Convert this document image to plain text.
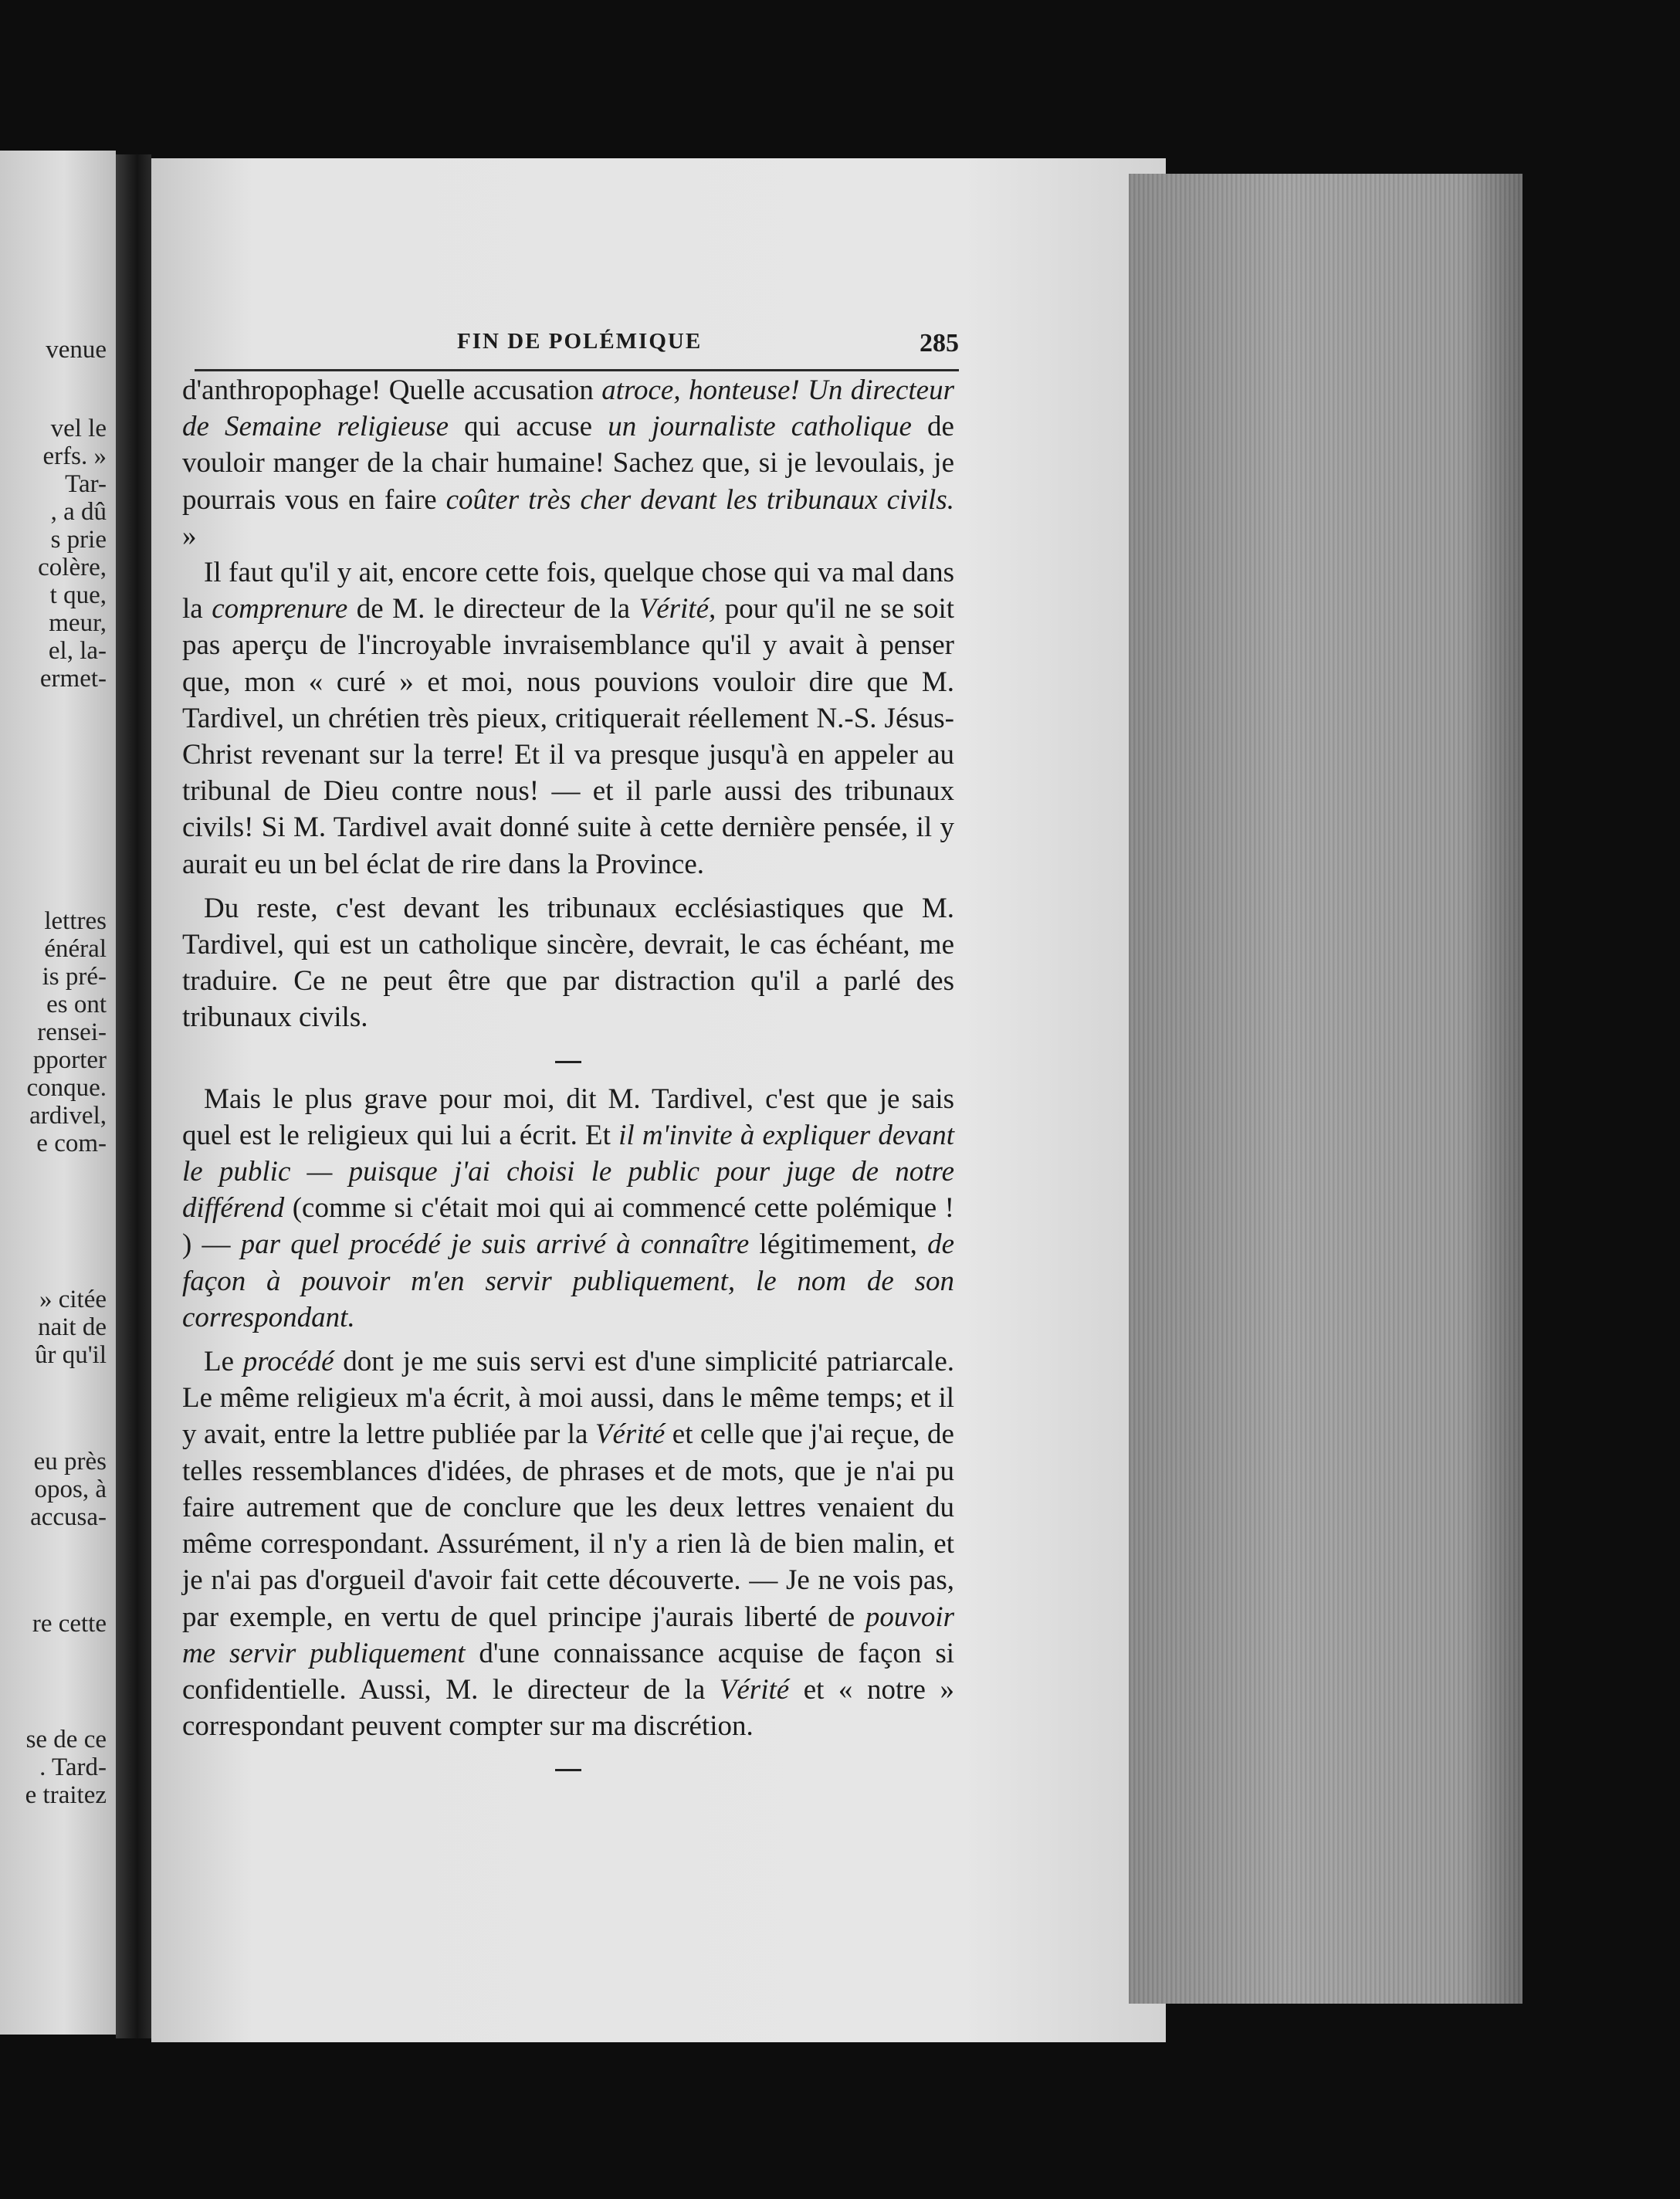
venue
vel le
erfs. »
Tar-
, a dû
s prie
colère,
t que,
meur,
el, la-
ermet-
lettres
énéral
is pré-
es ont
renseі-
pporter
conque.
ardivel,
e com-
» citée
nait de
ûr qu'il
eu près
opos, à
accusa-
re cette
se de ce
. Tard-
e traitez
FIN DE POLÉMIQUE	285

d'anthropophage! Quelle accusation atroce, honteuse! Un directeur de Semaine religieuse qui accuse un journaliste catholique de vouloir manger de la chair humaine! Sachez que, si je levoulais, je pourrais vous en faire coûter très cher devant les tribunaux civils. »

Il faut qu'il y ait, encore cette fois, quelque chose qui va mal dans la comprenure de M. le directeur de la Vérité, pour qu'il ne se soit pas aperçu de l'incroyable invraisemblance qu'il y avait à penser que, mon « curé » et moi, nous pouvions vouloir dire que M. Tardivel, un chrétien très pieux, critiquerait réellement N.-S. Jésus-Christ revenant sur la terre! Et il va presque jusqu'à en appeler au tribunal de Dieu contre nous! — et il parle aussi des tribunaux civils! Si M. Tardivel avait donné suite à cette dernière pensée, il y aurait eu un bel éclat de rire dans la Province.

Du reste, c'est devant les tribunaux ecclésiastiques que M. Tardivel, qui est un catholique sincère, devrait, le cas échéant, me traduire. Ce ne peut être que par distraction qu'il a parlé des tribunaux civils.

Mais le plus grave pour moi, dit M. Tardivel, c'est que je sais quel est le religieux qui lui a écrit. Et il m'invite à expliquer devant le public — puisque j'ai choisi le public pour juge de notre différend (comme si c'était moi qui ai commencé cette polémique ! ) — par quel procédé je suis arrivé à connaître légitimement, de façon à pouvoir m'en servir publiquement, le nom de son correspondant.

Le procédé dont je me suis servi est d'une simplicité patriarcale. Le même religieux m'a écrit, à moi aussi, dans le même temps; et il y avait, entre la lettre publiée par la Vérité et celle que j'ai reçue, de telles ressemblances d'idées, de phrases et de mots, que je n'ai pu faire autrement que de conclure que les deux lettres venaient du même correspondant. Assurément, il n'y a rien là de bien malin, et je n'ai pas d'orgueil d'avoir fait cette découverte. — Je ne vois pas, par exemple, en vertu de quel principe j'aurais liberté de pouvoir me servir publiquement d'une connaissance acquise de façon si confidentielle. Aussi, M. le directeur de la Vérité et « notre » correspondant peuvent compter sur ma discrétion.
